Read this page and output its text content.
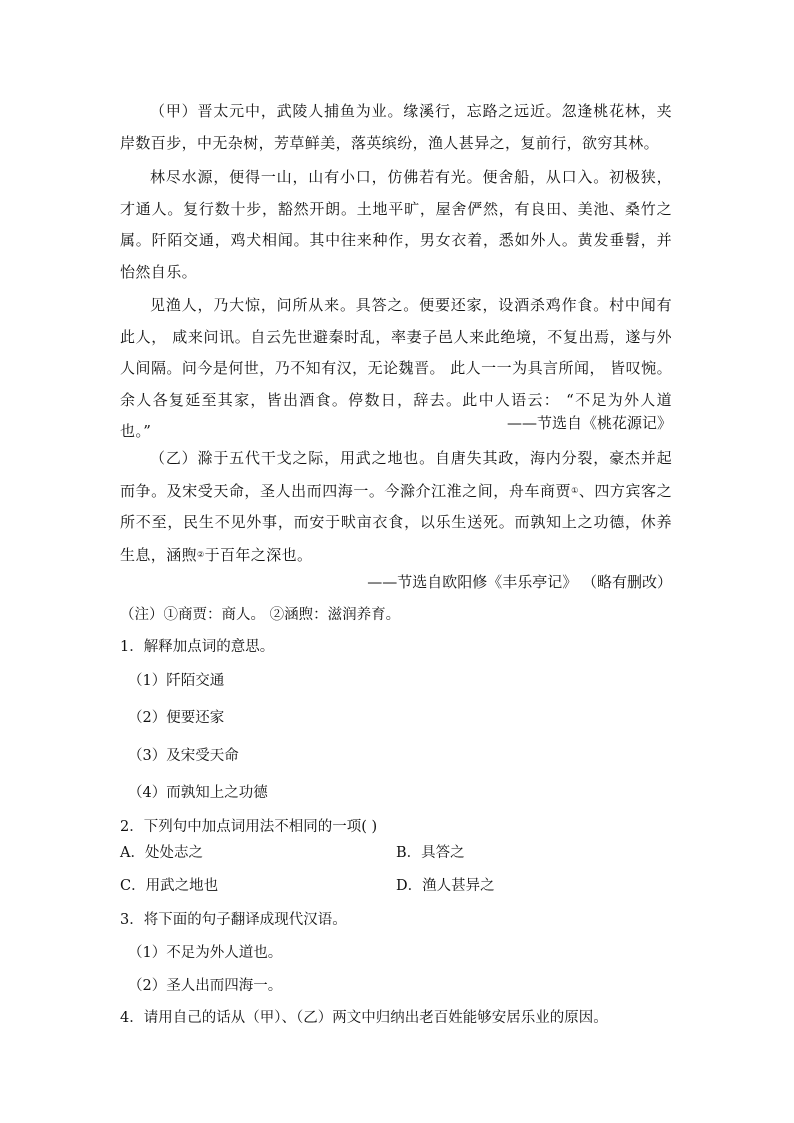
（甲）晋太元中，武陵人捕鱼为业。缘溪行，忘路之远近。忽逢桃花林，夹岸数百步，中无杂树，芳草鲜美，落英缤纷，渔人甚异之，复前行，欲穷其林。

林尽水源，便得一山，山有小口，仿佛若有光。便舍船，从口入。初极狭，才通人。复行数十步，豁然开朗。土地平旷，屋舍俨然，有良田、美池、桑竹之属。阡陌交通，鸡犬相闻。其中往来种作，男女衣着，悉如外人。黄发垂髫，并怡然自乐。

见渔人，乃大惊，问所从来。具答之。便要还家，设酒杀鸡作食。村中闻有此人， 咸来问讯。自云先世避秦时乱，率妻子邑人来此绝境，不复出焉，遂与外人间隔。问今是何世，乃不知有汉，无论魏晋。 此人一一为具言所闻， 皆叹惋。余人各复延至其家，皆出酒食。停数日，辞去。此中人语云： “不足为外人道也。”	——节选自《桃花源记》

（乙）滁于五代干戈之际，用武之地也。自唐失其政，海内分裂，豪杰并起而争。及宋受天命，圣人出而四海一。今滁介江淮之间，舟车商贾①、四方宾客之所不至，民生不见外事，而安于畎亩衣食，以乐生送死。而孰知上之功德，休养生息，涵煦②于百年之深也。

——节选自欧阳修《丰乐亭记》 （略有删改）

（注）①商贾：商人。 ②涵煦：滋润养育。

1．解释加点词的意思。

（1）阡陌交通

（2）便要还家

（3）及宋受天命

（4）而孰知上之功德

2．下列句中加点词用法不相同的一项( )

A．处处志之	B．具答之

C．用武之地也	D．渔人甚异之

3．将下面的句子翻译成现代汉语。

（1）不足为外人道也。

（2）圣人出而四海一。

4．请用自己的话从（甲）、（乙）两文中归纳出老百姓能够安居乐业的原因。
